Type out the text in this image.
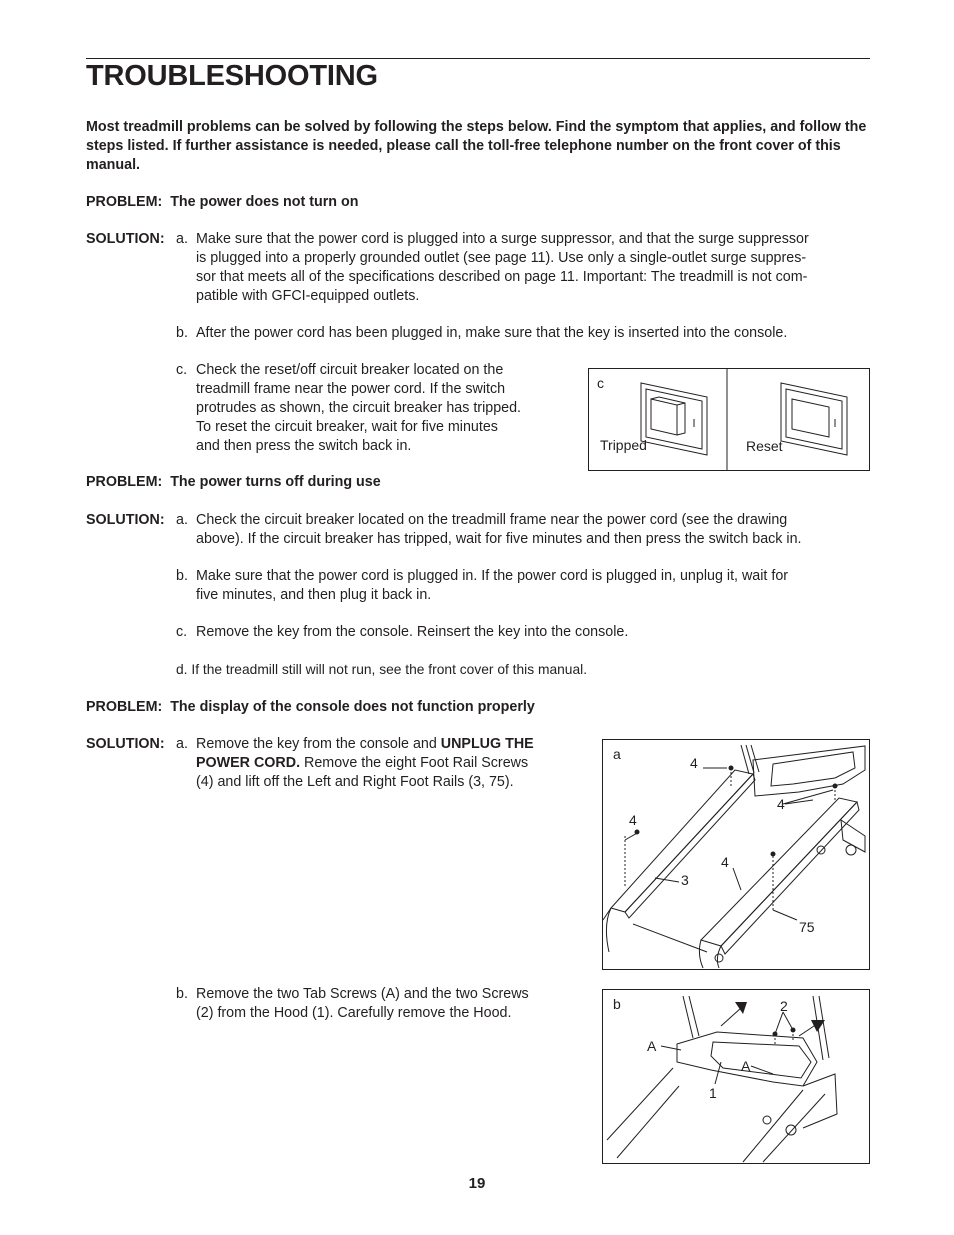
TROUBLESHOOTING
Most treadmill problems can be solved by following the steps below. Find the symptom that applies, and follow the steps listed. If further assistance is needed, please call the toll-free telephone number on the front cover of this manual.
PROBLEM: The power does not turn on
SOLUTION: a. Make sure that the power cord is plugged into a surge suppressor, and that the surge suppressor
is plugged into a properly grounded outlet (see page 11). Use only a single-outlet surge suppres-
sor that meets all of the specifications described on page 11. Important: The treadmill is not com-
patible with GFCI-equipped outlets.
b. After the power cord has been plugged in, make sure that the key is inserted into the console.
c. Check the reset/off circuit breaker located on the
treadmill frame near the power cord. If the switch
protrudes as shown, the circuit breaker has tripped.
To reset the circuit breaker, wait for five minutes
and then press the switch back in.
c
Tripped	Reset
PROBLEM: The power turns off during use
SOLUTION: a. Check the circuit breaker located on the treadmill frame near the power cord (see the drawing
above). If the circuit breaker has tripped, wait for five minutes and then press the switch back in.
b. Make sure that the power cord is plugged in. If the power cord is plugged in, unplug it, wait for
five minutes, and then plug it back in.
c. Remove the key from the console. Reinsert the key into the console.
d. If the treadmill still will not run, see the front cover of this manual.
PROBLEM: The display of the console does not function properly
SOLUTION: a. Remove the key from the console and UNPLUG THE
POWER CORD. Remove the eight Foot Rail Screws
(4) and lift off the Left and Right Foot Rails (3, 75).
a
4
4
4
4
3
75
b. Remove the two Tab Screws (A) and the two Screws
(2) from the Hood (1). Carefully remove the Hood.
b	2
A
A
1
19
